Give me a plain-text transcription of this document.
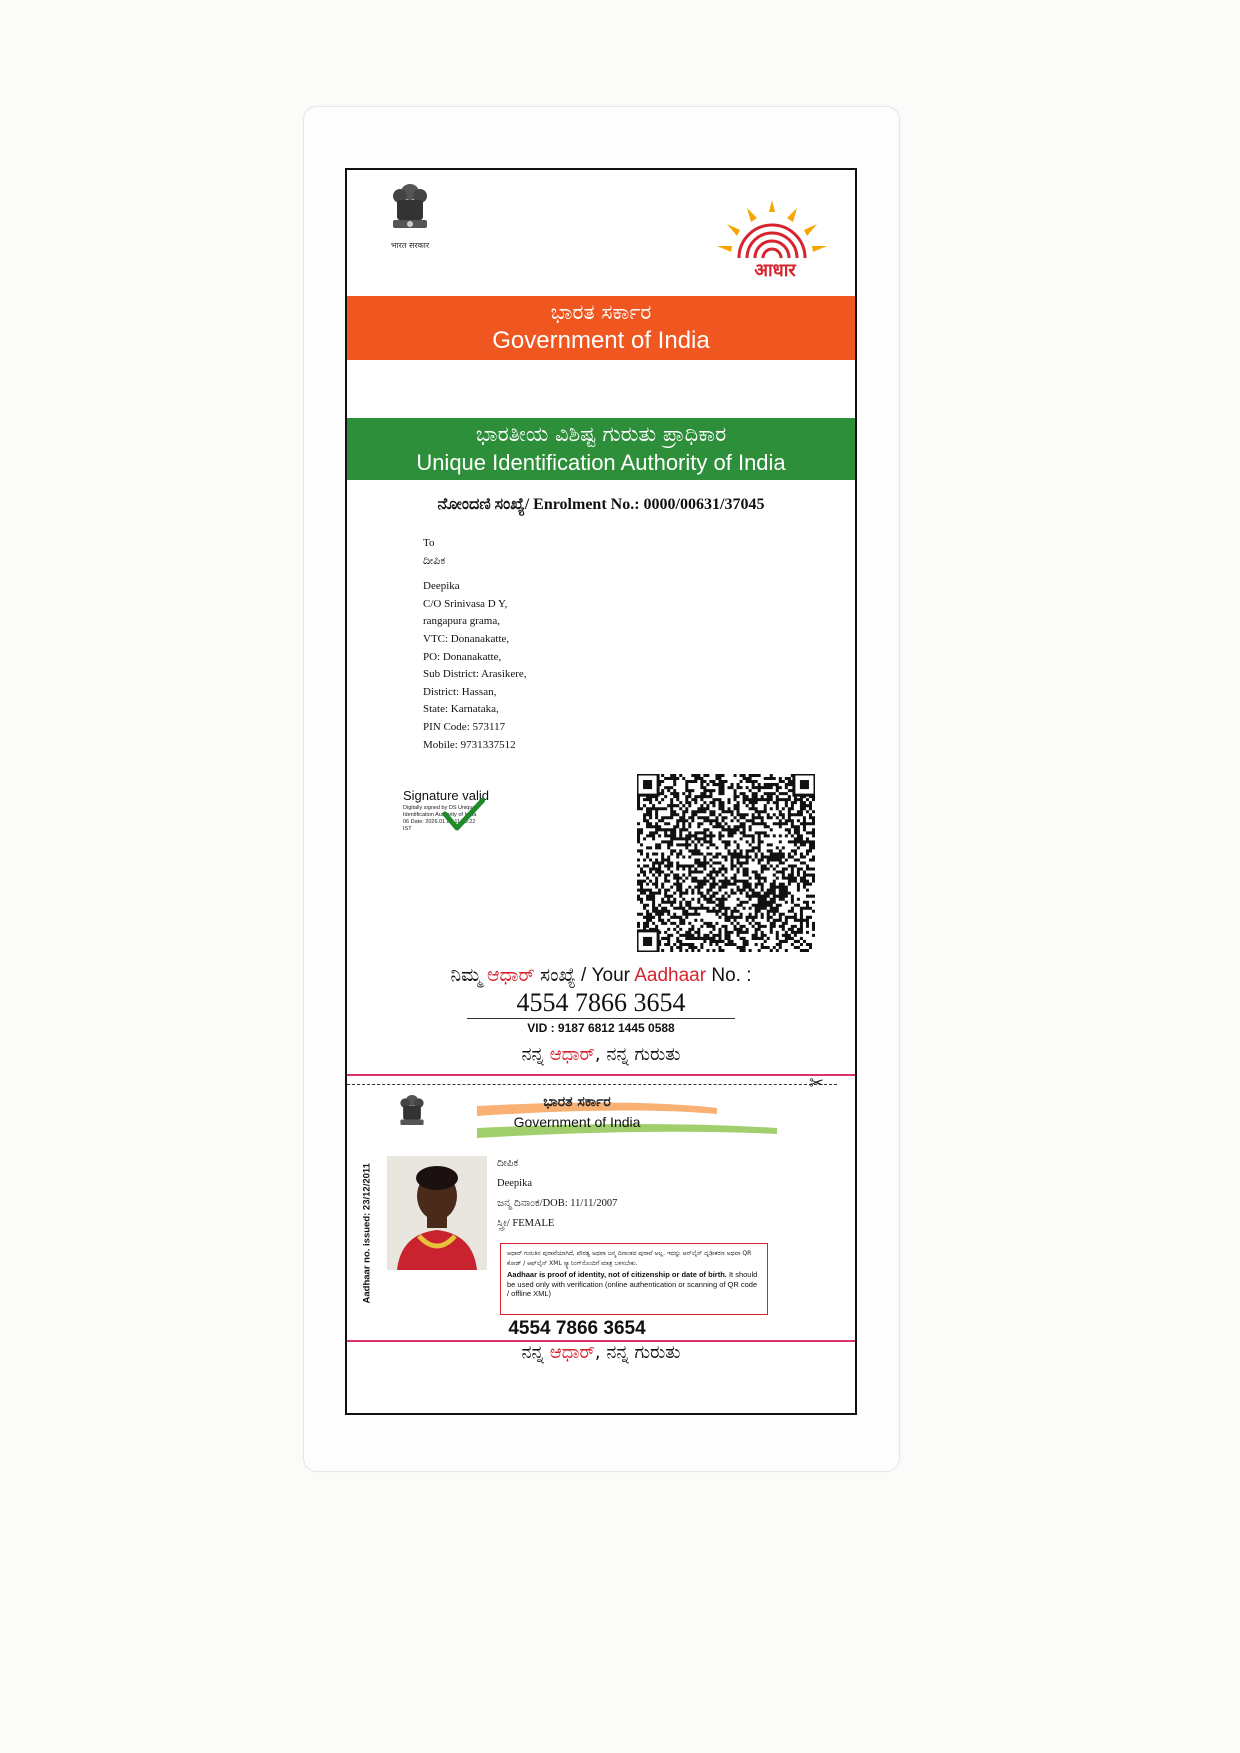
भारत सरकार
आधार
ಭಾರತ ಸರ್ಕಾರ
Government of India
ಭಾರತೀಯ ವಿಶಿಷ್ಟ ಗುರುತು ಪ್ರಾಧಿಕಾರ
Unique Identification Authority of India
ನೋಂದಣಿ ಸಂಖ್ಯೆ/ Enrolment No.: 0000/00631/37045
To
ದೀಪಿಕ
Deepika
C/O Srinivasa D Y,
rangapura grama,
VTC: Donanakatte,
PO: Donanakatte,
Sub District: Arasikere,
District: Hassan,
State: Karnataka,
PIN Code: 573117
Mobile: 9731337512
Signature valid
Digitally signed by DS Unique Identification Authority of India 06 Date: 2026.01.04 11:35:22 IST
ನಿಮ್ಮ ಆಧಾರ್ ಸಂಖ್ಯೆ / Your Aadhaar No. :
4554 7866 3654
VID : 9187 6812 1445 0588
ನನ್ನ ಆಧಾರ್, ನನ್ನ ಗುರುತು
✂
ಭಾರತ ಸರ್ಕಾರ
Government of India
Aadhaar no. issued: 23/12/2011	ದೀಪಿಕ
Deepika
ಜನ್ಮ ದಿನಾಂಕ/DOB: 11/11/2007
ಸ್ತ್ರೀ/ FEMALE
ಆಧಾರ್ ಗುರುತಿನ ಪುರಾವೆಯಾಗಿದೆ, ಪೌರತ್ವ ಅಥವಾ ಜನ್ಮ ದಿನಾಂಕದ ಪುರಾವೆ ಅಲ್ಲ. ಇದನ್ನು ಆನ್‌ಲೈನ್ ದೃಢೀಕರಣ ಅಥವಾ QR ಕೋಡ್ / ಆಫ್‌ಲೈನ್ XML ಸ್ಕ್ಯಾನಿಂಗ್‌ನೊಂದಿಗೆ ಮಾತ್ರ ಬಳಸಬೇಕು.
Aadhaar is proof of identity, not of citizenship or date of birth. It should be used only with verification (online authentication or scanning of QR code / offline XML)
4554 7866 3654
ನನ್ನ ಆಧಾರ್, ನನ್ನ ಗುರುತು
